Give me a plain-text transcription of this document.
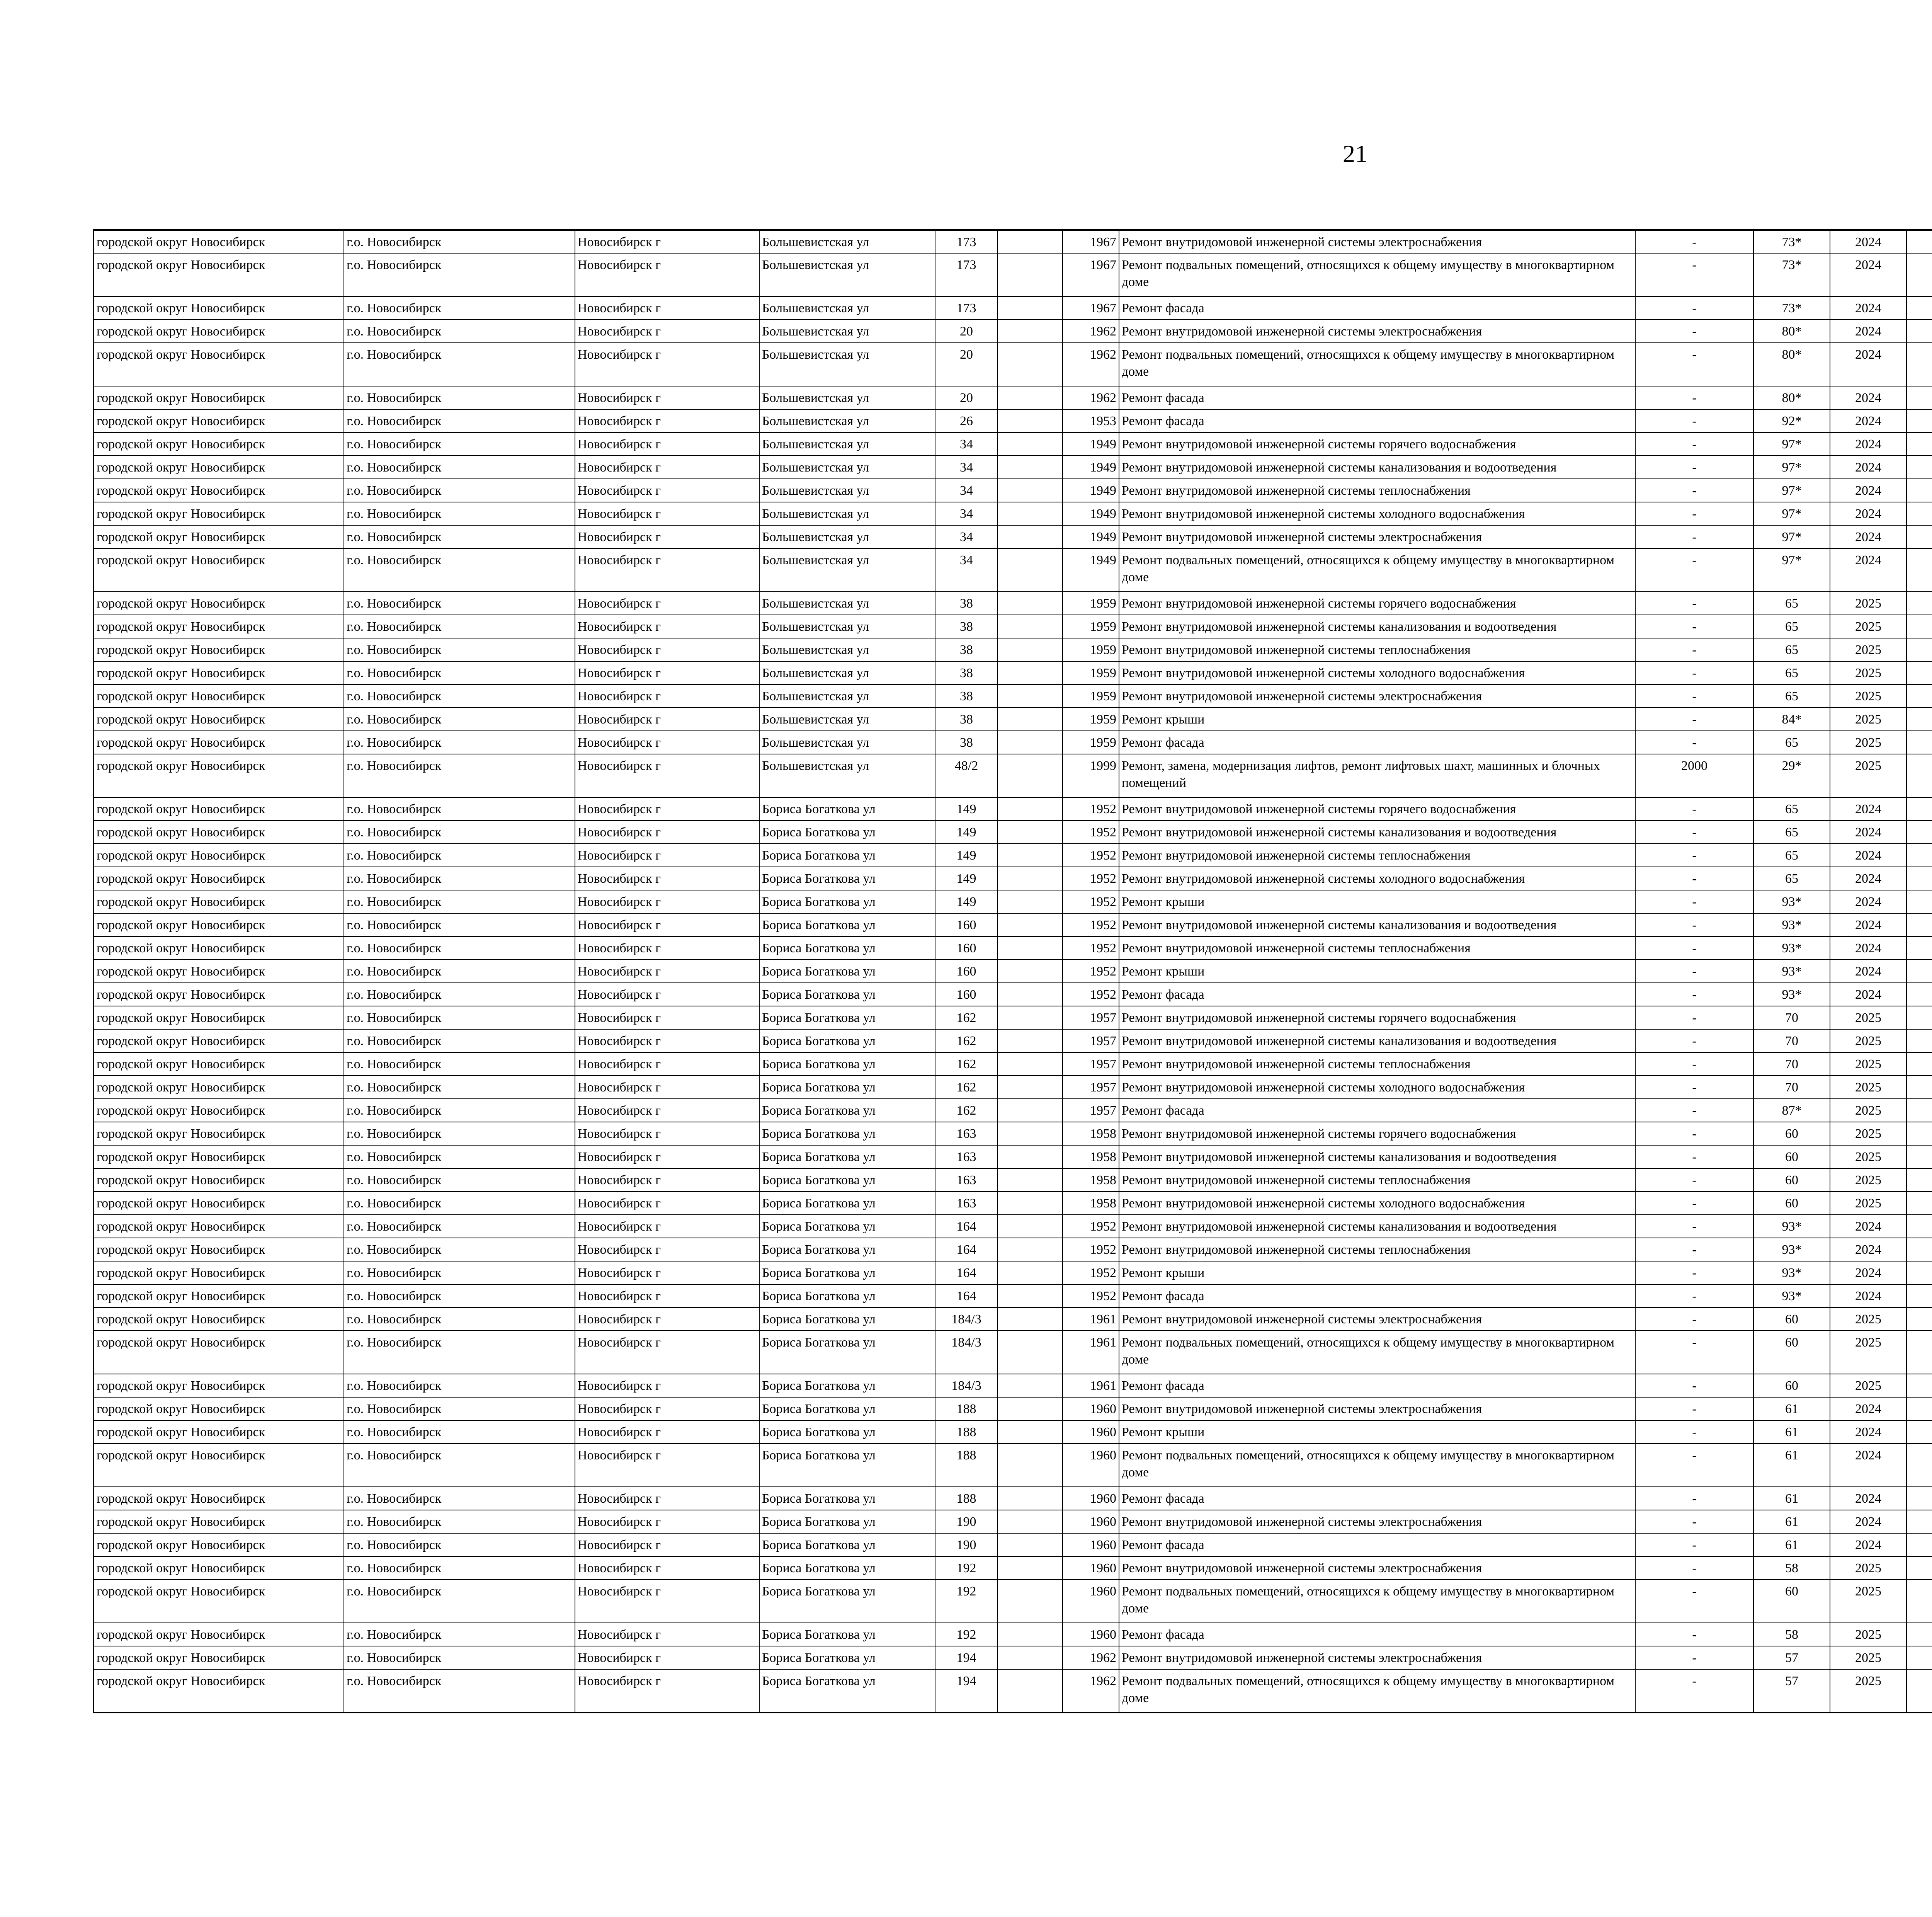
21
городской округ Новосибирск	г.о. Новосибирск	Новосибирск г	Большевистская ул	173		1967	Ремонт внутридомовой инженерной системы электроснабжения	-	73*	2024						
городской округ Новосибирск	г.о. Новосибирск	Новосибирск г	Большевистская ул	173		1967	Ремонт подвальных помещений, относящихся к общему имуществу в многоквартирном доме	-	73*	2024						
городской округ Новосибирск	г.о. Новосибирск	Новосибирск г	Большевистская ул	173		1967	Ремонт фасада	-	73*	2024						
городской округ Новосибирск	г.о. Новосибирск	Новосибирск г	Большевистская ул	20		1962	Ремонт внутридомовой инженерной системы электроснабжения	-	80*	2024						
городской округ Новосибирск	г.о. Новосибирск	Новосибирск г	Большевистская ул	20		1962	Ремонт подвальных помещений, относящихся к общему имуществу в многоквартирном доме	-	80*	2024						
городской округ Новосибирск	г.о. Новосибирск	Новосибирск г	Большевистская ул	20		1962	Ремонт фасада	-	80*	2024						
городской округ Новосибирск	г.о. Новосибирск	Новосибирск г	Большевистская ул	26		1953	Ремонт фасада	-	92*	2024						
городской округ Новосибирск	г.о. Новосибирск	Новосибирск г	Большевистская ул	34		1949	Ремонт внутридомовой инженерной системы горячего водоснабжения	-	97*	2024						
городской округ Новосибирск	г.о. Новосибирск	Новосибирск г	Большевистская ул	34		1949	Ремонт внутридомовой инженерной системы канализования и водоотведения	-	97*	2024						
городской округ Новосибирск	г.о. Новосибирск	Новосибирск г	Большевистская ул	34		1949	Ремонт внутридомовой инженерной системы теплоснабжения	-	97*	2024						
городской округ Новосибирск	г.о. Новосибирск	Новосибирск г	Большевистская ул	34		1949	Ремонт внутридомовой инженерной системы холодного водоснабжения	-	97*	2024						
городской округ Новосибирск	г.о. Новосибирск	Новосибирск г	Большевистская ул	34		1949	Ремонт внутридомовой инженерной системы электроснабжения	-	97*	2024						
городской округ Новосибирск	г.о. Новосибирск	Новосибирск г	Большевистская ул	34		1949	Ремонт подвальных помещений, относящихся к общему имуществу в многоквартирном доме	-	97*	2024						
городской округ Новосибирск	г.о. Новосибирск	Новосибирск г	Большевистская ул	38		1959	Ремонт внутридомовой инженерной системы горячего водоснабжения	-	65	2025						
городской округ Новосибирск	г.о. Новосибирск	Новосибирск г	Большевистская ул	38		1959	Ремонт внутридомовой инженерной системы канализования и водоотведения	-	65	2025						
городской округ Новосибирск	г.о. Новосибирск	Новосибирск г	Большевистская ул	38		1959	Ремонт внутридомовой инженерной системы теплоснабжения	-	65	2025						
городской округ Новосибирск	г.о. Новосибирск	Новосибирск г	Большевистская ул	38		1959	Ремонт внутридомовой инженерной системы холодного водоснабжения	-	65	2025						
городской округ Новосибирск	г.о. Новосибирск	Новосибирск г	Большевистская ул	38		1959	Ремонт внутридомовой инженерной системы электроснабжения	-	65	2025						
городской округ Новосибирск	г.о. Новосибирск	Новосибирск г	Большевистская ул	38		1959	Ремонт крыши	-	84*	2025						
городской округ Новосибирск	г.о. Новосибирск	Новосибирск г	Большевистская ул	38		1959	Ремонт фасада	-	65	2025						
городской округ Новосибирск	г.о. Новосибирск	Новосибирск г	Большевистская ул	48/2		1999	Ремонт, замена, модернизация лифтов, ремонт лифтовых шахт, машинных и блочных помещений	2000	29*	2025						
городской округ Новосибирск	г.о. Новосибирск	Новосибирск г	Бориса Богаткова ул	149		1952	Ремонт внутридомовой инженерной системы горячего водоснабжения	-	65	2024						
городской округ Новосибирск	г.о. Новосибирск	Новосибирск г	Бориса Богаткова ул	149		1952	Ремонт внутридомовой инженерной системы канализования и водоотведения	-	65	2024						
городской округ Новосибирск	г.о. Новосибирск	Новосибирск г	Бориса Богаткова ул	149		1952	Ремонт внутридомовой инженерной системы теплоснабжения	-	65	2024						
городской округ Новосибирск	г.о. Новосибирск	Новосибирск г	Бориса Богаткова ул	149		1952	Ремонт внутридомовой инженерной системы холодного водоснабжения	-	65	2024						
городской округ Новосибирск	г.о. Новосибирск	Новосибирск г	Бориса Богаткова ул	149		1952	Ремонт крыши	-	93*	2024						
городской округ Новосибирск	г.о. Новосибирск	Новосибирск г	Бориса Богаткова ул	160		1952	Ремонт внутридомовой инженерной системы канализования и водоотведения	-	93*	2024						
городской округ Новосибирск	г.о. Новосибирск	Новосибирск г	Бориса Богаткова ул	160		1952	Ремонт внутридомовой инженерной системы теплоснабжения	-	93*	2024						
городской округ Новосибирск	г.о. Новосибирск	Новосибирск г	Бориса Богаткова ул	160		1952	Ремонт крыши	-	93*	2024						
городской округ Новосибирск	г.о. Новосибирск	Новосибирск г	Бориса Богаткова ул	160		1952	Ремонт фасада	-	93*	2024						
городской округ Новосибирск	г.о. Новосибирск	Новосибирск г	Бориса Богаткова ул	162		1957	Ремонт внутридомовой инженерной системы горячего водоснабжения	-	70	2025						
городской округ Новосибирск	г.о. Новосибирск	Новосибирск г	Бориса Богаткова ул	162		1957	Ремонт внутридомовой инженерной системы канализования и водоотведения	-	70	2025						
городской округ Новосибирск	г.о. Новосибирск	Новосибирск г	Бориса Богаткова ул	162		1957	Ремонт внутридомовой инженерной системы теплоснабжения	-	70	2025						
городской округ Новосибирск	г.о. Новосибирск	Новосибирск г	Бориса Богаткова ул	162		1957	Ремонт внутридомовой инженерной системы холодного водоснабжения	-	70	2025						
городской округ Новосибирск	г.о. Новосибирск	Новосибирск г	Бориса Богаткова ул	162		1957	Ремонт фасада	-	87*	2025						
городской округ Новосибирск	г.о. Новосибирск	Новосибирск г	Бориса Богаткова ул	163		1958	Ремонт внутридомовой инженерной системы горячего водоснабжения	-	60	2025						
городской округ Новосибирск	г.о. Новосибирск	Новосибирск г	Бориса Богаткова ул	163		1958	Ремонт внутридомовой инженерной системы канализования и водоотведения	-	60	2025						
городской округ Новосибирск	г.о. Новосибирск	Новосибирск г	Бориса Богаткова ул	163		1958	Ремонт внутридомовой инженерной системы теплоснабжения	-	60	2025						
городской округ Новосибирск	г.о. Новосибирск	Новосибирск г	Бориса Богаткова ул	163		1958	Ремонт внутридомовой инженерной системы холодного водоснабжения	-	60	2025						
городской округ Новосибирск	г.о. Новосибирск	Новосибирск г	Бориса Богаткова ул	164		1952	Ремонт внутридомовой инженерной системы канализования и водоотведения	-	93*	2024						
городской округ Новосибирск	г.о. Новосибирск	Новосибирск г	Бориса Богаткова ул	164		1952	Ремонт внутридомовой инженерной системы теплоснабжения	-	93*	2024						
городской округ Новосибирск	г.о. Новосибирск	Новосибирск г	Бориса Богаткова ул	164		1952	Ремонт крыши	-	93*	2024						
городской округ Новосибирск	г.о. Новосибирск	Новосибирск г	Бориса Богаткова ул	164		1952	Ремонт фасада	-	93*	2024						
городской округ Новосибирск	г.о. Новосибирск	Новосибирск г	Бориса Богаткова ул	184/3		1961	Ремонт внутридомовой инженерной системы электроснабжения	-	60	2025						
городской округ Новосибирск	г.о. Новосибирск	Новосибирск г	Бориса Богаткова ул	184/3		1961	Ремонт подвальных помещений, относящихся к общему имуществу в многоквартирном доме	-	60	2025						
городской округ Новосибирск	г.о. Новосибирск	Новосибирск г	Бориса Богаткова ул	184/3		1961	Ремонт фасада	-	60	2025						
городской округ Новосибирск	г.о. Новосибирск	Новосибирск г	Бориса Богаткова ул	188		1960	Ремонт внутридомовой инженерной системы электроснабжения	-	61	2024						
городской округ Новосибирск	г.о. Новосибирск	Новосибирск г	Бориса Богаткова ул	188		1960	Ремонт крыши	-	61	2024						
городской округ Новосибирск	г.о. Новосибирск	Новосибирск г	Бориса Богаткова ул	188		1960	Ремонт подвальных помещений, относящихся к общему имуществу в многоквартирном доме	-	61	2024						
городской округ Новосибирск	г.о. Новосибирск	Новосибирск г	Бориса Богаткова ул	188		1960	Ремонт фасада	-	61	2024						
городской округ Новосибирск	г.о. Новосибирск	Новосибирск г	Бориса Богаткова ул	190		1960	Ремонт внутридомовой инженерной системы электроснабжения	-	61	2024						
городской округ Новосибирск	г.о. Новосибирск	Новосибирск г	Бориса Богаткова ул	190		1960	Ремонт фасада	-	61	2024						
городской округ Новосибирск	г.о. Новосибирск	Новосибирск г	Бориса Богаткова ул	192		1960	Ремонт внутридомовой инженерной системы электроснабжения	-	58	2025						
городской округ Новосибирск	г.о. Новосибирск	Новосибирск г	Бориса Богаткова ул	192		1960	Ремонт подвальных помещений, относящихся к общему имуществу в многоквартирном доме	-	60	2025						
городской округ Новосибирск	г.о. Новосибирск	Новосибирск г	Бориса Богаткова ул	192		1960	Ремонт фасада	-	58	2025						
городской округ Новосибирск	г.о. Новосибирск	Новосибирск г	Бориса Богаткова ул	194		1962	Ремонт внутридомовой инженерной системы электроснабжения	-	57	2025						
городской округ Новосибирск	г.о. Новосибирск	Новосибирск г	Бориса Богаткова ул	194		1962	Ремонт подвальных помещений, относящихся к общему имуществу в многоквартирном доме	-	57	2025						
